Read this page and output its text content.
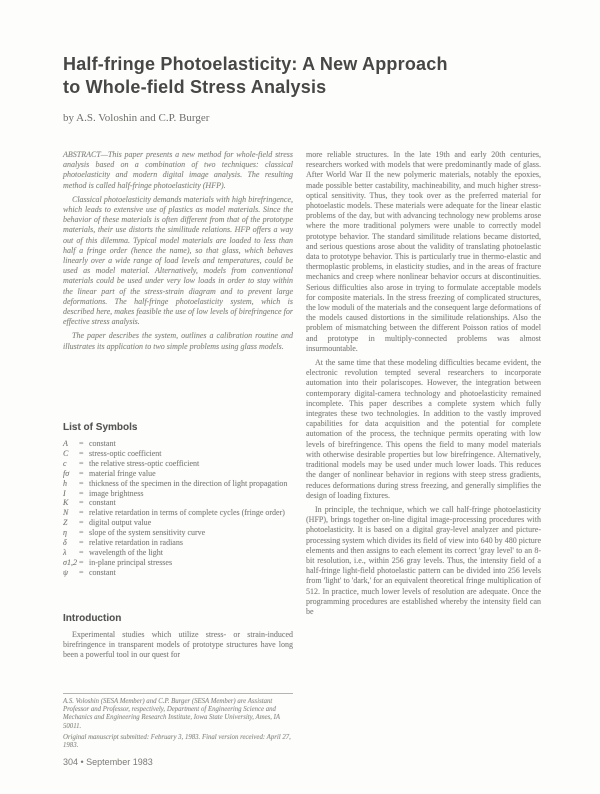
Half-fringe Photoelasticity: A New Approach
to Whole-field Stress Analysis
by A.S. Voloshin and C.P. Burger

ABSTRACT—This paper presents a new method for whole-field stress analysis based on a combination of two techniques: classical photoelasticity and modern digital image analysis. The resulting method is called half-fringe photoelasticity (HFP).

Classical photoelasticity demands materials with high birefringence, which leads to extensive use of plastics as model materials. Since the behavior of these materials is often different from that of the prototype materials, their use distorts the similitude relations. HFP offers a way out of this dilemma. Typical model materials are loaded to less than half a fringe order (hence the name), so that glass, which behaves linearly over a wide range of load levels and temperatures, could be used as model material. Alternatively, models from conventional materials could be used under very low loads in order to stay within the linear part of the stress-strain diagram and to prevent large deformations. The half-fringe photoelasticity system, which is described here, makes feasible the use of low levels of birefringence for effective stress analysis.

The paper describes the system, outlines a calibration routine and illustrates its application to two simple problems using glass models.

List of Symbols
A	= constant
C	= stress-optic coefficient
c	= the relative stress-optic coefficient
fσ	= material fringe value
h	= thickness of the specimen in the direction of light propagation
I	= image brightness
K	= constant
N	= relative retardation in terms of complete cycles (fringe order)
Z	= digital output value
η	= slope of the system sensitivity curve
δ	= relative retardation in radians
λ	= wavelength of the light
σ1,2 = in-plane principal stresses
ψ	= constant
Introduction

Experimental studies which utilize stress- or strain-induced birefringence in transparent models of prototype structures have long been a powerful tool in our quest for

A.S. Voloshin (SESA Member) and C.P. Burger (SESA Member) are Assistant Professor and Professor, respectively, Department of Engineering Science and Mechanics and Engineering Research Institute, Iowa State University, Ames, IA 50011.

Original manuscript submitted: February 3, 1983. Final version received: April 27, 1983.

more reliable structures. In the late 19th and early 20th centuries, researchers worked with models that were predominantly made of glass. After World War II the new polymeric materials, notably the epoxies, made possible better castability, machineability, and much higher stress-optical sensitivity. Thus, they took over as the preferred material for photoelastic models. These materials were adequate for the linear elastic problems of the day, but with advancing technology new problems arose where the more traditional polymers were unable to correctly model prototype behavior. The standard similitude relations became distorted, and serious questions arose about the validity of translating photoelastic data to prototype behavior. This is particularly true in thermo-elastic and thermoplastic problems, in elasticity studies, and in the areas of fracture mechanics and creep where nonlinear behavior occurs at discontinuities. Serious difficulties also arose in trying to formulate acceptable models for composite materials. In the stress freezing of complicated structures, the low moduli of the materials and the consequent large deformations of the models caused distortions in the similitude relationships. Also the problem of mismatching between the different Poisson ratios of model and prototype in multiply-connected problems was almost insurmountable.

At the same time that these modeling difficulties became evident, the electronic revolution tempted several researchers to incorporate automation into their polariscopes. However, the integration between contemporary digital-camera technology and photoelasticity remained incomplete. This paper describes a complete system which fully integrates these two technologies. In addition to the vastly improved capabilities for data acquisition and the potential for complete automation of the process, the technique permits operating with low levels of birefringence. This opens the field to many model materials with otherwise desirable properties but low birefringence. Alternatively, traditional models may be used under much lower loads. This reduces the danger of nonlinear behavior in regions with steep stress gradients, reduces deformations during stress freezing, and generally simplifies the design of loading fixtures.

In principle, the technique, which we call half-fringe photoelasticity (HFP), brings together on-line digital image-processing procedures with photoelasticity. It is based on a digital gray-level analyzer and picture-processing system which divides its field of view into 640 by 480 picture elements and then assigns to each element its correct 'gray level' to an 8-bit resolution, i.e., within 256 gray levels. Thus, the intensity field of a half-fringe light-field photoelastic pattern can be divided into 256 levels from 'light' to 'dark,' for an equivalent theoretical fringe multiplication of 512. In practice, much lower levels of resolution are adequate. Once the programming procedures are established whereby the intensity field can be

304 • September 1983
